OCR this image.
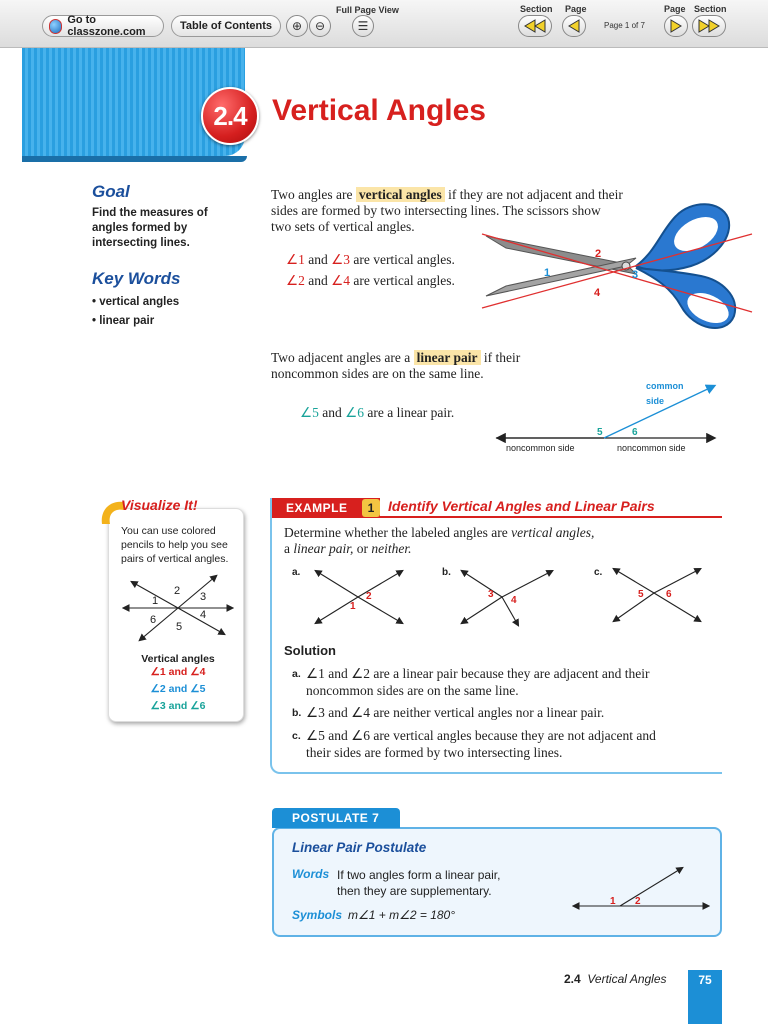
Go to classzone.com	Table of Contents ⊕ ⊖
Full Page View
☰
Section Page
Page 1 of 7
Page Section
2.4 Vertical Angles
Goal
Find the measures of
angles formed by
intersecting lines.
Key Words
• vertical angles
• linear pair
Two angles are vertical angles if they are not adjacent and their
sides are formed by two intersecting lines. The scissors show
two sets of vertical angles.
∠1 and ∠3 are vertical angles.
∠2 and ∠4 are vertical angles.	1
2
3
4
Two adjacent angles are a linear pair if their
noncommon sides are on the same line.
∠5 and ∠6 are a linear pair.
common
side
5	6
noncommon side	noncommon side
Visualize It!
You can use colored
pencils to help you see
pairs of vertical angles.
1
2 3
4
5
6
Vertical angles
∠1 and ∠4
∠2 and ∠5
∠3 and ∠6
EXAMPLE	1 Identify Vertical Angles and Linear Pairs
Determine whether the labeled angles are vertical angles,
a linear pair, or neither.
a.
1
2
b.
3
4
c.
5 6
Solution
a. ∠1 and ∠2 are a linear pair because they are adjacent and their
noncommon sides are on the same line.
b. ∠3 and ∠4 are neither vertical angles nor a linear pair.
c. ∠5 and ∠6 are vertical angles because they are not adjacent and
their sides are formed by two intersecting lines.
POSTULATE 7
Linear Pair Postulate
Words If two angles form a linear pair,
then they are supplementary.
Symbols m∠1 + m∠2 = 180°
1 2
2.4 Vertical Angles	75
